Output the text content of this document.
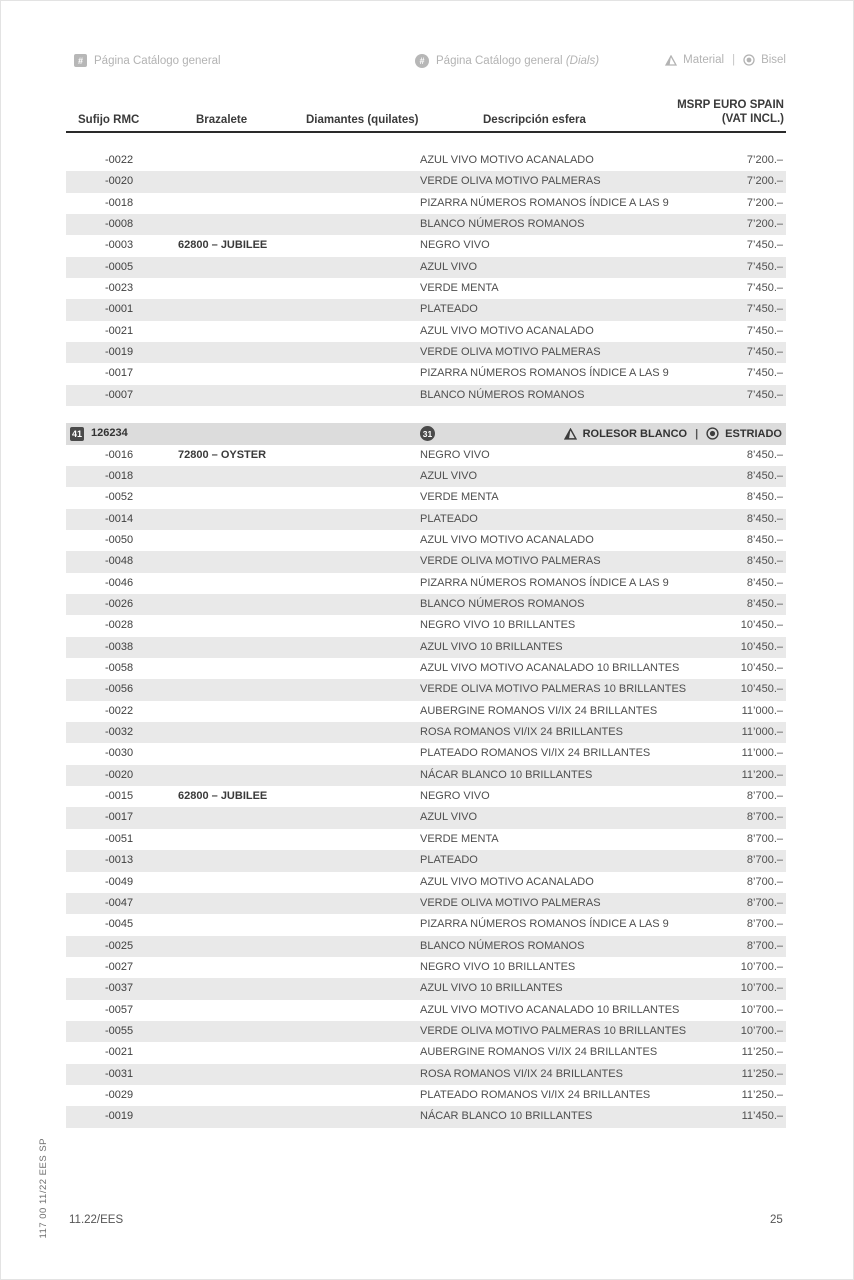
# Página Catálogo general	#	Página Catálogo general (Dials)	Material | Bisel
Sufijo RMC	Brazalete	Diamantes (quilates)	Descripción esfera
MSRP EURO SPAIN
(VAT INCL.)
-0022	AZUL VIVO MOTIVO ACANALADO	7’200.–
-0020	VERDE OLIVA MOTIVO PALMERAS	7’200.–
-0018	PIZARRA NÚMEROS ROMANOS ÍNDICE A LAS 9	7’200.–
-0008	BLANCO NÚMEROS ROMANOS	7’200.–
-0003	62800 – JUBILEE	NEGRO VIVO	7’450.–
-0005	AZUL VIVO	7’450.–
-0023	VERDE MENTA	7’450.–
-0001	PLATEADO	7’450.–
-0021	AZUL VIVO MOTIVO ACANALADO	7’450.–
-0019	VERDE OLIVA MOTIVO PALMERAS	7’450.–
-0017	PIZARRA NÚMEROS ROMANOS ÍNDICE A LAS 9	7’450.–
-0007	BLANCO NÚMEROS ROMANOS	7’450.–
41 126234	31	ROLESOR BLANCO | ESTRIADO
-0016	72800 – OYSTER	NEGRO VIVO	8’450.–
-0018	AZUL VIVO	8’450.–
-0052	VERDE MENTA	8’450.–
-0014	PLATEADO	8’450.–
-0050	AZUL VIVO MOTIVO ACANALADO	8’450.–
-0048	VERDE OLIVA MOTIVO PALMERAS	8’450.–
-0046	PIZARRA NÚMEROS ROMANOS ÍNDICE A LAS 9	8’450.–
-0026	BLANCO NÚMEROS ROMANOS	8’450.–
-0028	NEGRO VIVO 10 BRILLANTES	10’450.–
-0038	AZUL VIVO 10 BRILLANTES	10’450.–
-0058	AZUL VIVO MOTIVO ACANALADO 10 BRILLANTES	10’450.–
-0056	VERDE OLIVA MOTIVO PALMERAS 10 BRILLANTES	10’450.–
-0022	AUBERGINE ROMANOS VI/IX 24 BRILLANTES	11’000.–
-0032	ROSA ROMANOS VI/IX 24 BRILLANTES	11’000.–
-0030	PLATEADO ROMANOS VI/IX 24 BRILLANTES	11’000.–
-0020	NÁCAR BLANCO 10 BRILLANTES	11’200.–
-0015	62800 – JUBILEE	NEGRO VIVO	8’700.–
-0017	AZUL VIVO	8’700.–
-0051	VERDE MENTA	8’700.–
-0013	PLATEADO	8’700.–
-0049	AZUL VIVO MOTIVO ACANALADO	8’700.–
-0047	VERDE OLIVA MOTIVO PALMERAS	8’700.–
-0045	PIZARRA NÚMEROS ROMANOS ÍNDICE A LAS 9	8’700.–
-0025	BLANCO NÚMEROS ROMANOS	8’700.–
-0027	NEGRO VIVO 10 BRILLANTES	10’700.–
-0037	AZUL VIVO 10 BRILLANTES	10’700.–
-0057	AZUL VIVO MOTIVO ACANALADO 10 BRILLANTES	10’700.–
-0055	VERDE OLIVA MOTIVO PALMERAS 10 BRILLANTES	10’700.–
-0021	AUBERGINE ROMANOS VI/IX 24 BRILLANTES	11’250.–
-0031	ROSA ROMANOS VI/IX 24 BRILLANTES	11’250.–
-0029	PLATEADO ROMANOS VI/IX 24 BRILLANTES	11’250.–
-0019	NÁCAR BLANCO 10 BRILLANTES	11’450.–
117 00 11/22 EES SP 11.22/EES	25
